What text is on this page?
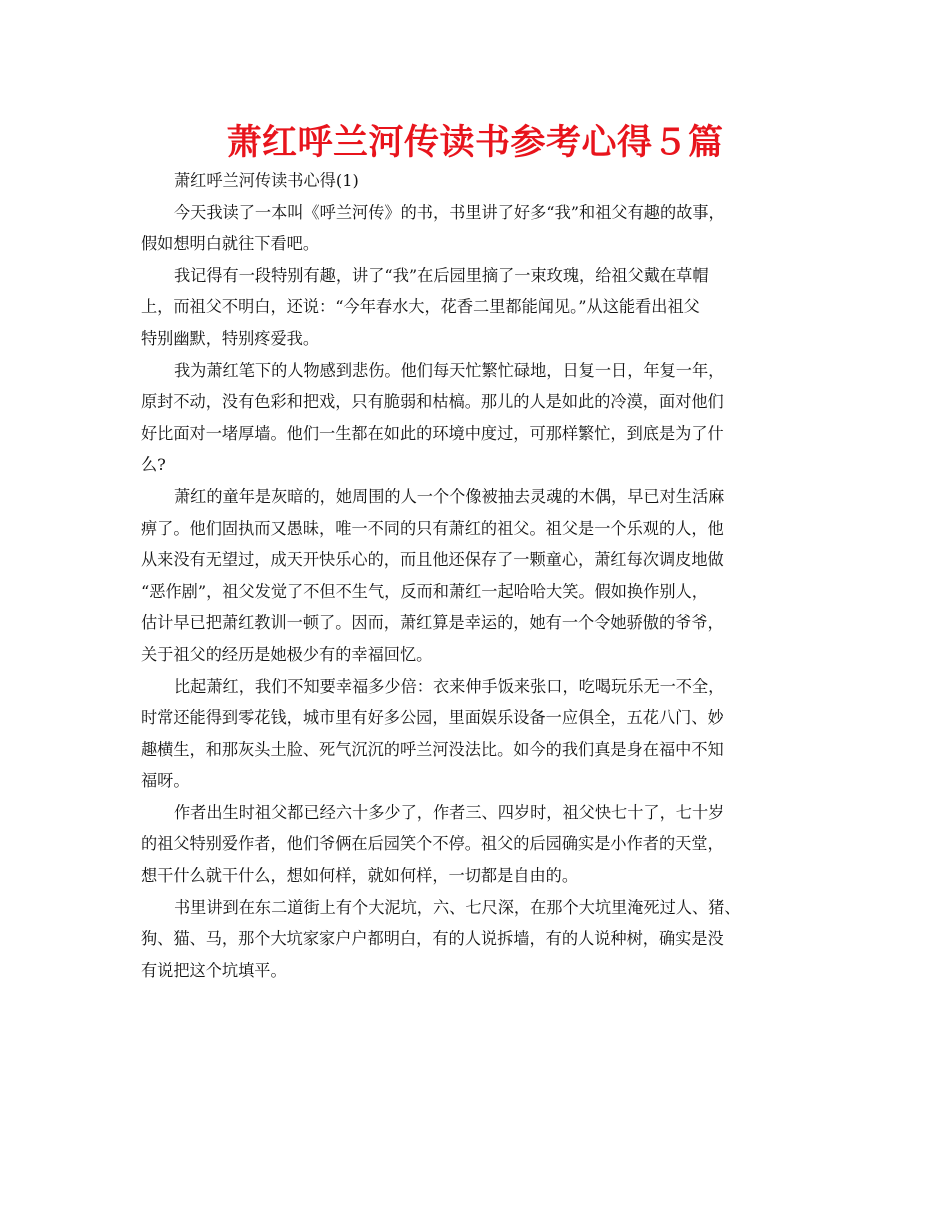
萧红呼兰河传读书参考心得５篇

萧红呼兰河传读书心得(1)

今天我读了一本叫《呼兰河传》的书，书里讲了好多“我”和祖父有趣的故事，
假如想明白就往下看吧。

我记得有一段特别有趣，讲了“我”在后园里摘了一束玫瑰，给祖父戴在草帽
上，而祖父不明白，还说：“今年春水大，花香二里都能闻见。”从这能看出祖父
特别幽默，特别疼爱我。

我为萧红笔下的人物感到悲伤。他们每天忙繁忙碌地，日复一日，年复一年，
原封不动，没有色彩和把戏，只有脆弱和枯槁。那儿的人是如此的冷漠，面对他们
好比面对一堵厚墙。他们一生都在如此的环境中度过，可那样繁忙，到底是为了什
么?

萧红的童年是灰暗的，她周围的人一个个像被抽去灵魂的木偶，早已对生活麻
痹了。他们固执而又愚昧，唯一不同的只有萧红的祖父。祖父是一个乐观的人，他
从来没有无望过，成天开快乐心的，而且他还保存了一颗童心，萧红每次调皮地做
“恶作剧”，祖父发觉了不但不生气，反而和萧红一起哈哈大笑。假如换作别人，
估计早已把萧红教训一顿了。因而，萧红算是幸运的，她有一个令她骄傲的爷爷，
关于祖父的经历是她极少有的幸福回忆。

比起萧红，我们不知要幸福多少倍：衣来伸手饭来张口，吃喝玩乐无一不全，
时常还能得到零花钱，城市里有好多公园，里面娱乐设备一应俱全，五花八门、妙
趣横生，和那灰头土脸、死气沉沉的呼兰河没法比。如今的我们真是身在福中不知
福呀。

作者出生时祖父都已经六十多少了，作者三、四岁时，祖父快七十了，七十岁
的祖父特别爱作者，他们爷俩在后园笑个不停。祖父的后园确实是小作者的天堂，
想干什么就干什么，想如何样，就如何样，一切都是自由的。

书里讲到在东二道街上有个大泥坑，六、七尺深，在那个大坑里淹死过人、猪、
狗、猫、马，那个大坑家家户户都明白，有的人说拆墙，有的人说种树，确实是没
有说把这个坑填平。
